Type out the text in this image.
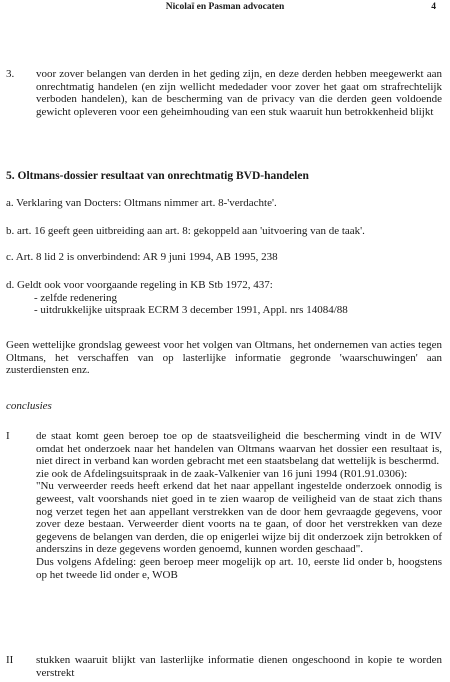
Nicolaï en Pasman advocaten	4
3. voor zover belangen van derden in het geding zijn, en deze derden hebben meegewerkt aan onrechtmatig handelen (en zijn wellicht mededader voor zover het gaat om strafrechtelijk verboden handelen), kan de bescherming van de privacy van die derden geen voldoende gewicht opleveren voor een geheimhouding van een stuk waaruit hun betrokkenheid blijkt
5. Oltmans-dossier resultaat van onrechtmatig BVD-handelen
a. Verklaring van Docters: Oltmans nimmer art. 8-'verdachte'.
b. art. 16 geeft geen uitbreiding aan art. 8: gekoppeld aan 'uitvoering van de taak'.
c. Art. 8 lid 2 is onverbindend: AR 9 juni 1994, AB 1995, 238
d. Geldt ook voor voorgaande regeling in KB Stb 1972, 437:
- zelfde redenering
- uitdrukkelijke uitspraak ECRM 3 december 1991, Appl. nrs 14084/88
Geen wettelijke grondslag geweest voor het volgen van Oltmans, het ondernemen van acties tegen Oltmans, het verschaffen van op lasterlijke informatie gegronde 'waarschuwingen' aan zusterdiensten enz.
conclusies
I de staat komt geen beroep toe op de staatsveiligheid die bescherming vindt in de WIV omdat het onderzoek naar het handelen van Oltmans waarvan het dossier een resultaat is, niet direct in verband kan worden gebracht met een staatsbelang dat wettelijk is beschermd.
zie ook de Afdelingsuitspraak in de zaak-Valkenier van 16 juni 1994 (R01.91.0306):
"Nu verweerder reeds heeft erkend dat het naar appellant ingestelde onderzoek onnodig is geweest, valt voorshands niet goed in te zien waarop de veiligheid van de staat zich thans nog verzet tegen het aan appellant verstrekken van de door hem gevraagde gegevens, voor zover deze bestaan. Verweerder dient voorts na te gaan, of door het verstrekken van deze gegevens de belangen van derden, die op enigerlei wijze bij dit onderzoek zijn betrokken of anderszins in deze gegevens worden genoemd, kunnen worden geschaad".
Dus volgens Afdeling: geen beroep meer mogelijk op art. 10, eerste lid onder b, hoogstens op het tweede lid onder e, WOB
II stukken waaruit blijkt van lasterlijke informatie dienen ongeschoond in kopie te worden verstrekt
